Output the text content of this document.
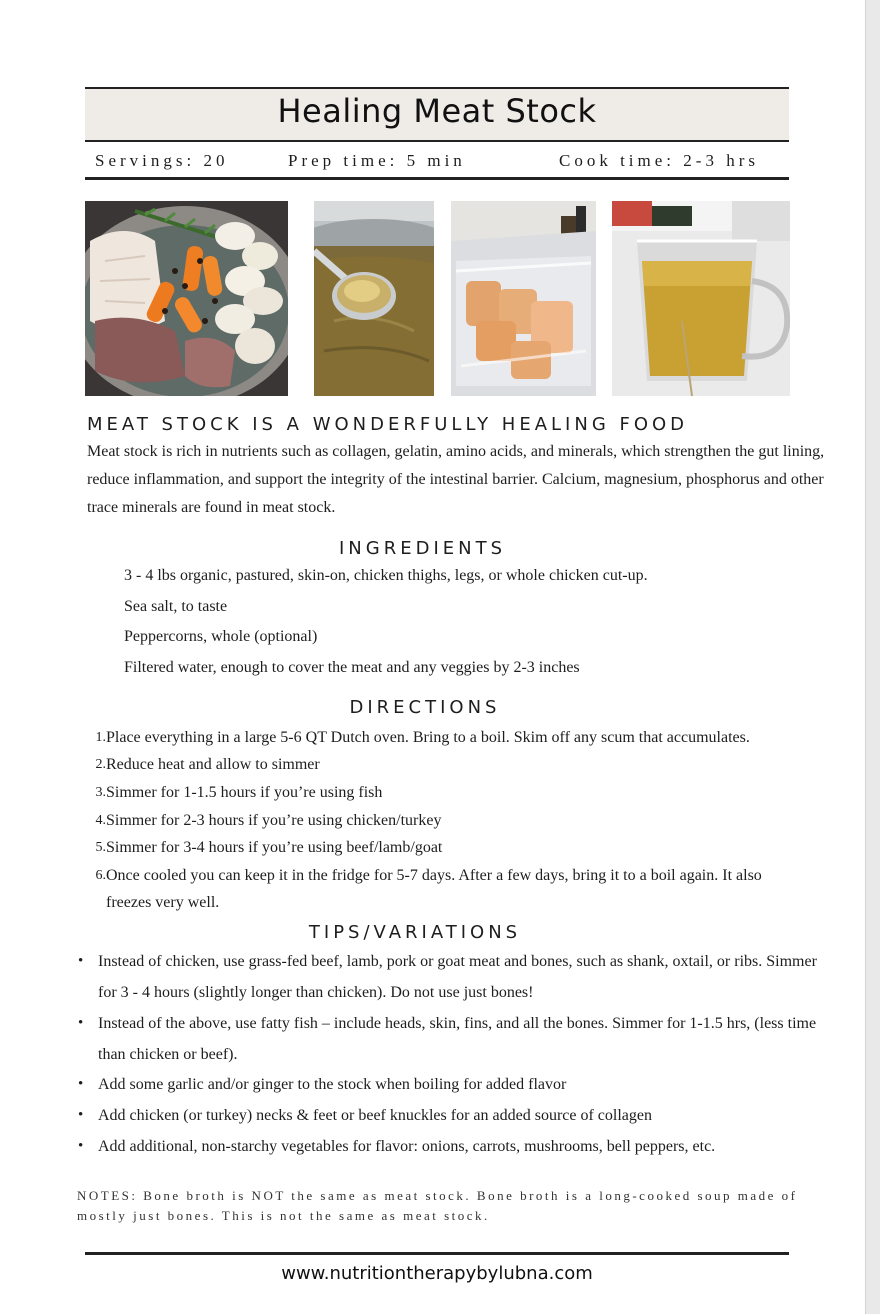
Healing Meat Stock
Servings: 20	Prep time: 5 min	Cook time: 2-3 hrs
MEAT STOCK IS A WONDERFULLY HEALING FOOD

Meat stock is rich in nutrients such as collagen, gelatin, amino acids, and minerals, which strengthen the gut lining, reduce inflammation, and support the integrity of the intestinal barrier. Calcium, magnesium, phosphorus and other trace minerals are found in meat stock.

INGREDIENTS
3 - 4 lbs organic, pastured, skin-on, chicken thighs, legs, or whole chicken cut-up.
Sea salt, to taste
Peppercorns, whole (optional)
Filtered water, enough to cover the meat and any veggies by 2-3 inches
DIRECTIONS
1. Place everything in a large 5-6 QT Dutch oven. Bring to a boil. Skim off any scum that accumulates.
2. Reduce heat and allow to simmer
3. Simmer for 1-1.5 hours if you’re using fish
4. Simmer for 2-3 hours if you’re using chicken/turkey
5. Simmer for 3-4 hours if you’re using beef/lamb/goat
6. Once cooled you can keep it in the fridge for 5-7 days. After a few days, bring it to a boil again. It also freezes very well.
TIPS/VARIATIONS
• Instead of chicken, use grass-fed beef, lamb, pork or goat meat and bones, such as shank, oxtail, or ribs. Simmer for 3 - 4 hours (slightly longer than chicken). Do not use just bones!
• Instead of the above, use fatty fish – include heads, skin, fins, and all the bones. Simmer for 1-1.5 hrs, (less time than chicken or beef).
• Add some garlic and/or ginger to the stock when boiling for added flavor
• Add chicken (or turkey) necks & feet or beef knuckles for an added source of collagen
• Add additional, non-starchy vegetables for flavor: onions, carrots, mushrooms, bell peppers, etc.

NOTES: Bone broth is NOT the same as meat stock. Bone broth is a long-cooked soup made of mostly just bones. This is not the same as meat stock.

www.nutritiontherapybylubna.com
